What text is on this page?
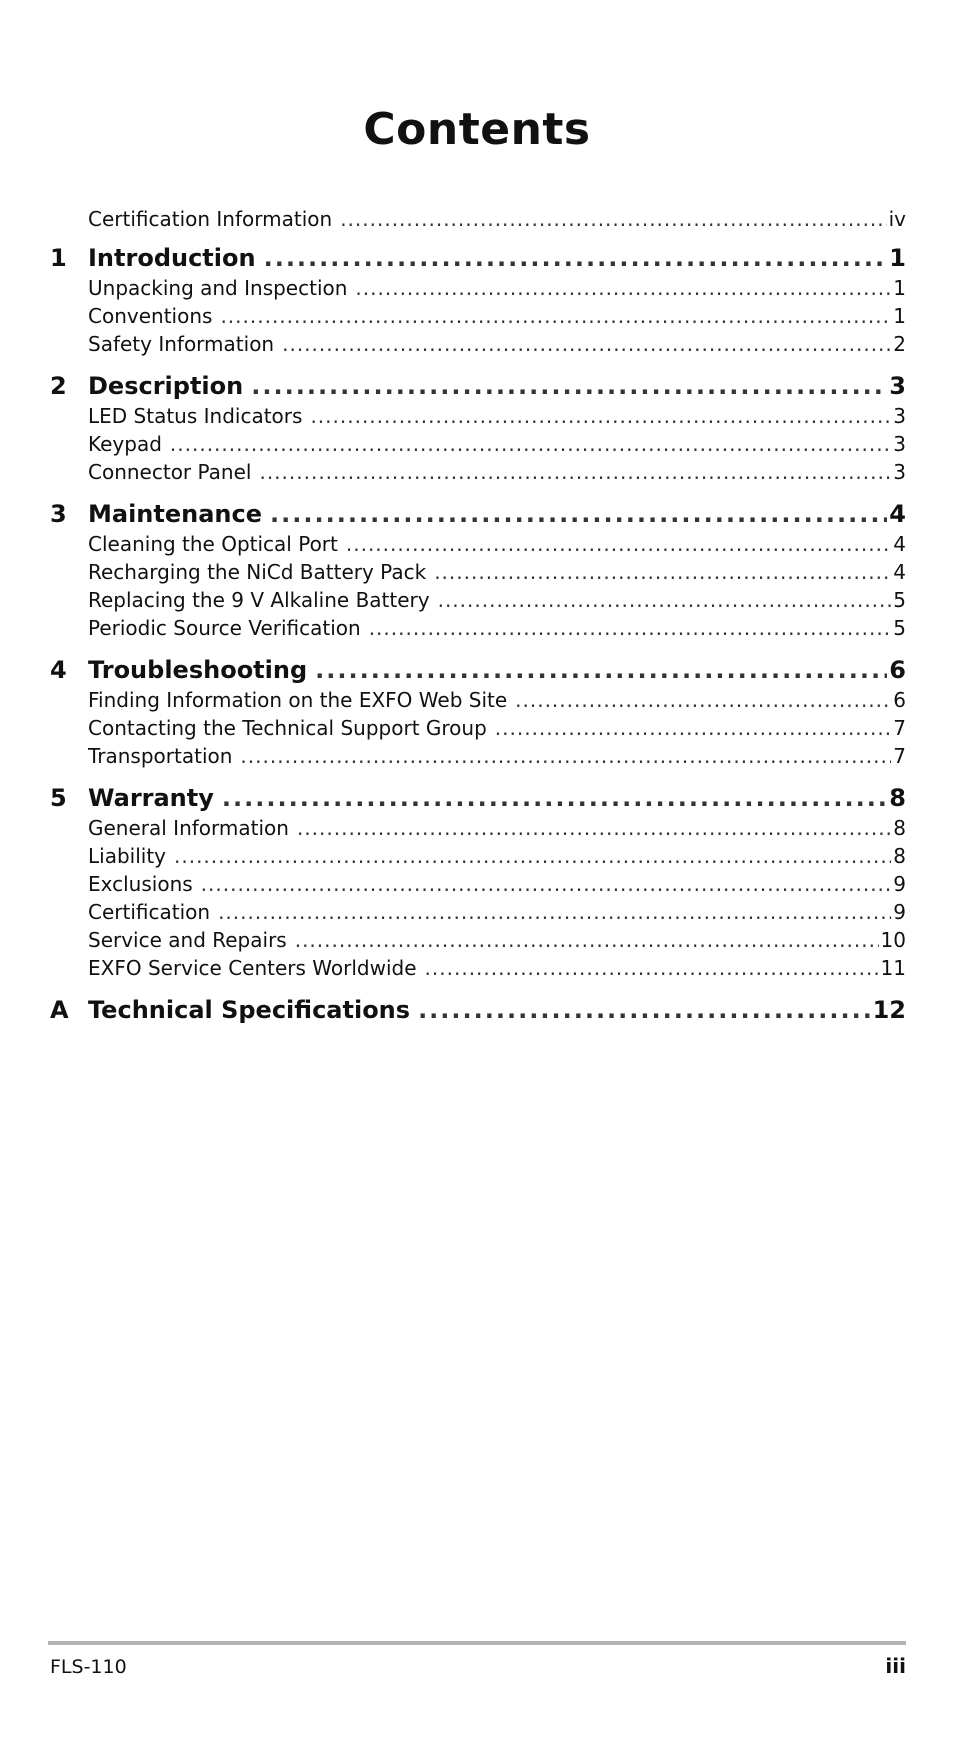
Contents
Certification Information .....	iv
1 Introduction .....	1
Unpacking and Inspection .....	1
Conventions .....	1
Safety Information .....	2
2 Description .....	3
LED Status Indicators .....	3
Keypad .....	3
Connector Panel .....	3
3 Maintenance .....	4
Cleaning the Optical Port .....	4
Recharging the NiCd Battery Pack .....	4
Replacing the 9 V Alkaline Battery .....	5
Periodic Source Verification .....	5
4 Troubleshooting .....	6
Finding Information on the EXFO Web Site .....	6
Contacting the Technical Support Group .....	7
Transportation .....	7
5 Warranty .....	8
General Information .....	8
Liability .....	8
Exclusions .....	9
Certification .....	9
Service and Repairs .....	10
EXFO Service Centers Worldwide .....	11
A Technical Specifications .....	12
FLS-110	iii
